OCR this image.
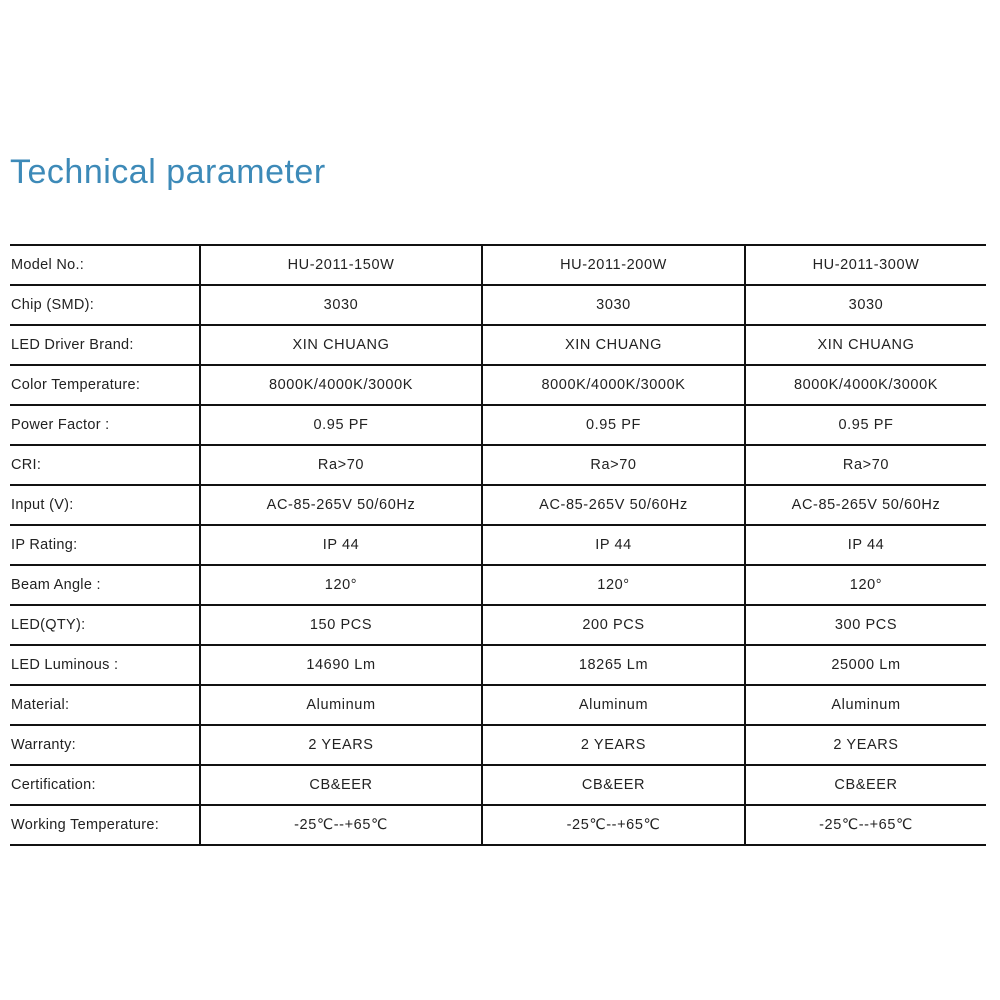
Technical parameter
Model No.:	HU-2011-150W	HU-2011-200W	HU-2011-300W
Chip (SMD):	3030	3030	3030
LED Driver Brand:	XIN CHUANG	XIN CHUANG	XIN CHUANG
Color Temperature:	8000K/4000K/3000K	8000K/4000K/3000K	8000K/4000K/3000K
Power Factor :	0.95 PF	0.95 PF	0.95 PF
CRI:	Ra>70	Ra>70	Ra>70
Input (V):	AC-85-265V 50/60Hz	AC-85-265V 50/60Hz	AC-85-265V 50/60Hz
IP Rating:	IP 44	IP 44	IP 44
Beam Angle :	120°	120°	120°
LED(QTY):	150 PCS	200 PCS	300 PCS
LED Luminous :	14690 Lm	18265 Lm	25000 Lm
Material:	Aluminum	Aluminum	Aluminum
Warranty:	2 YEARS	2 YEARS	2 YEARS
Certification:	CB&EER	CB&EER	CB&EER
Working Temperature:	-25℃--+65℃	-25℃--+65℃	-25℃--+65℃
